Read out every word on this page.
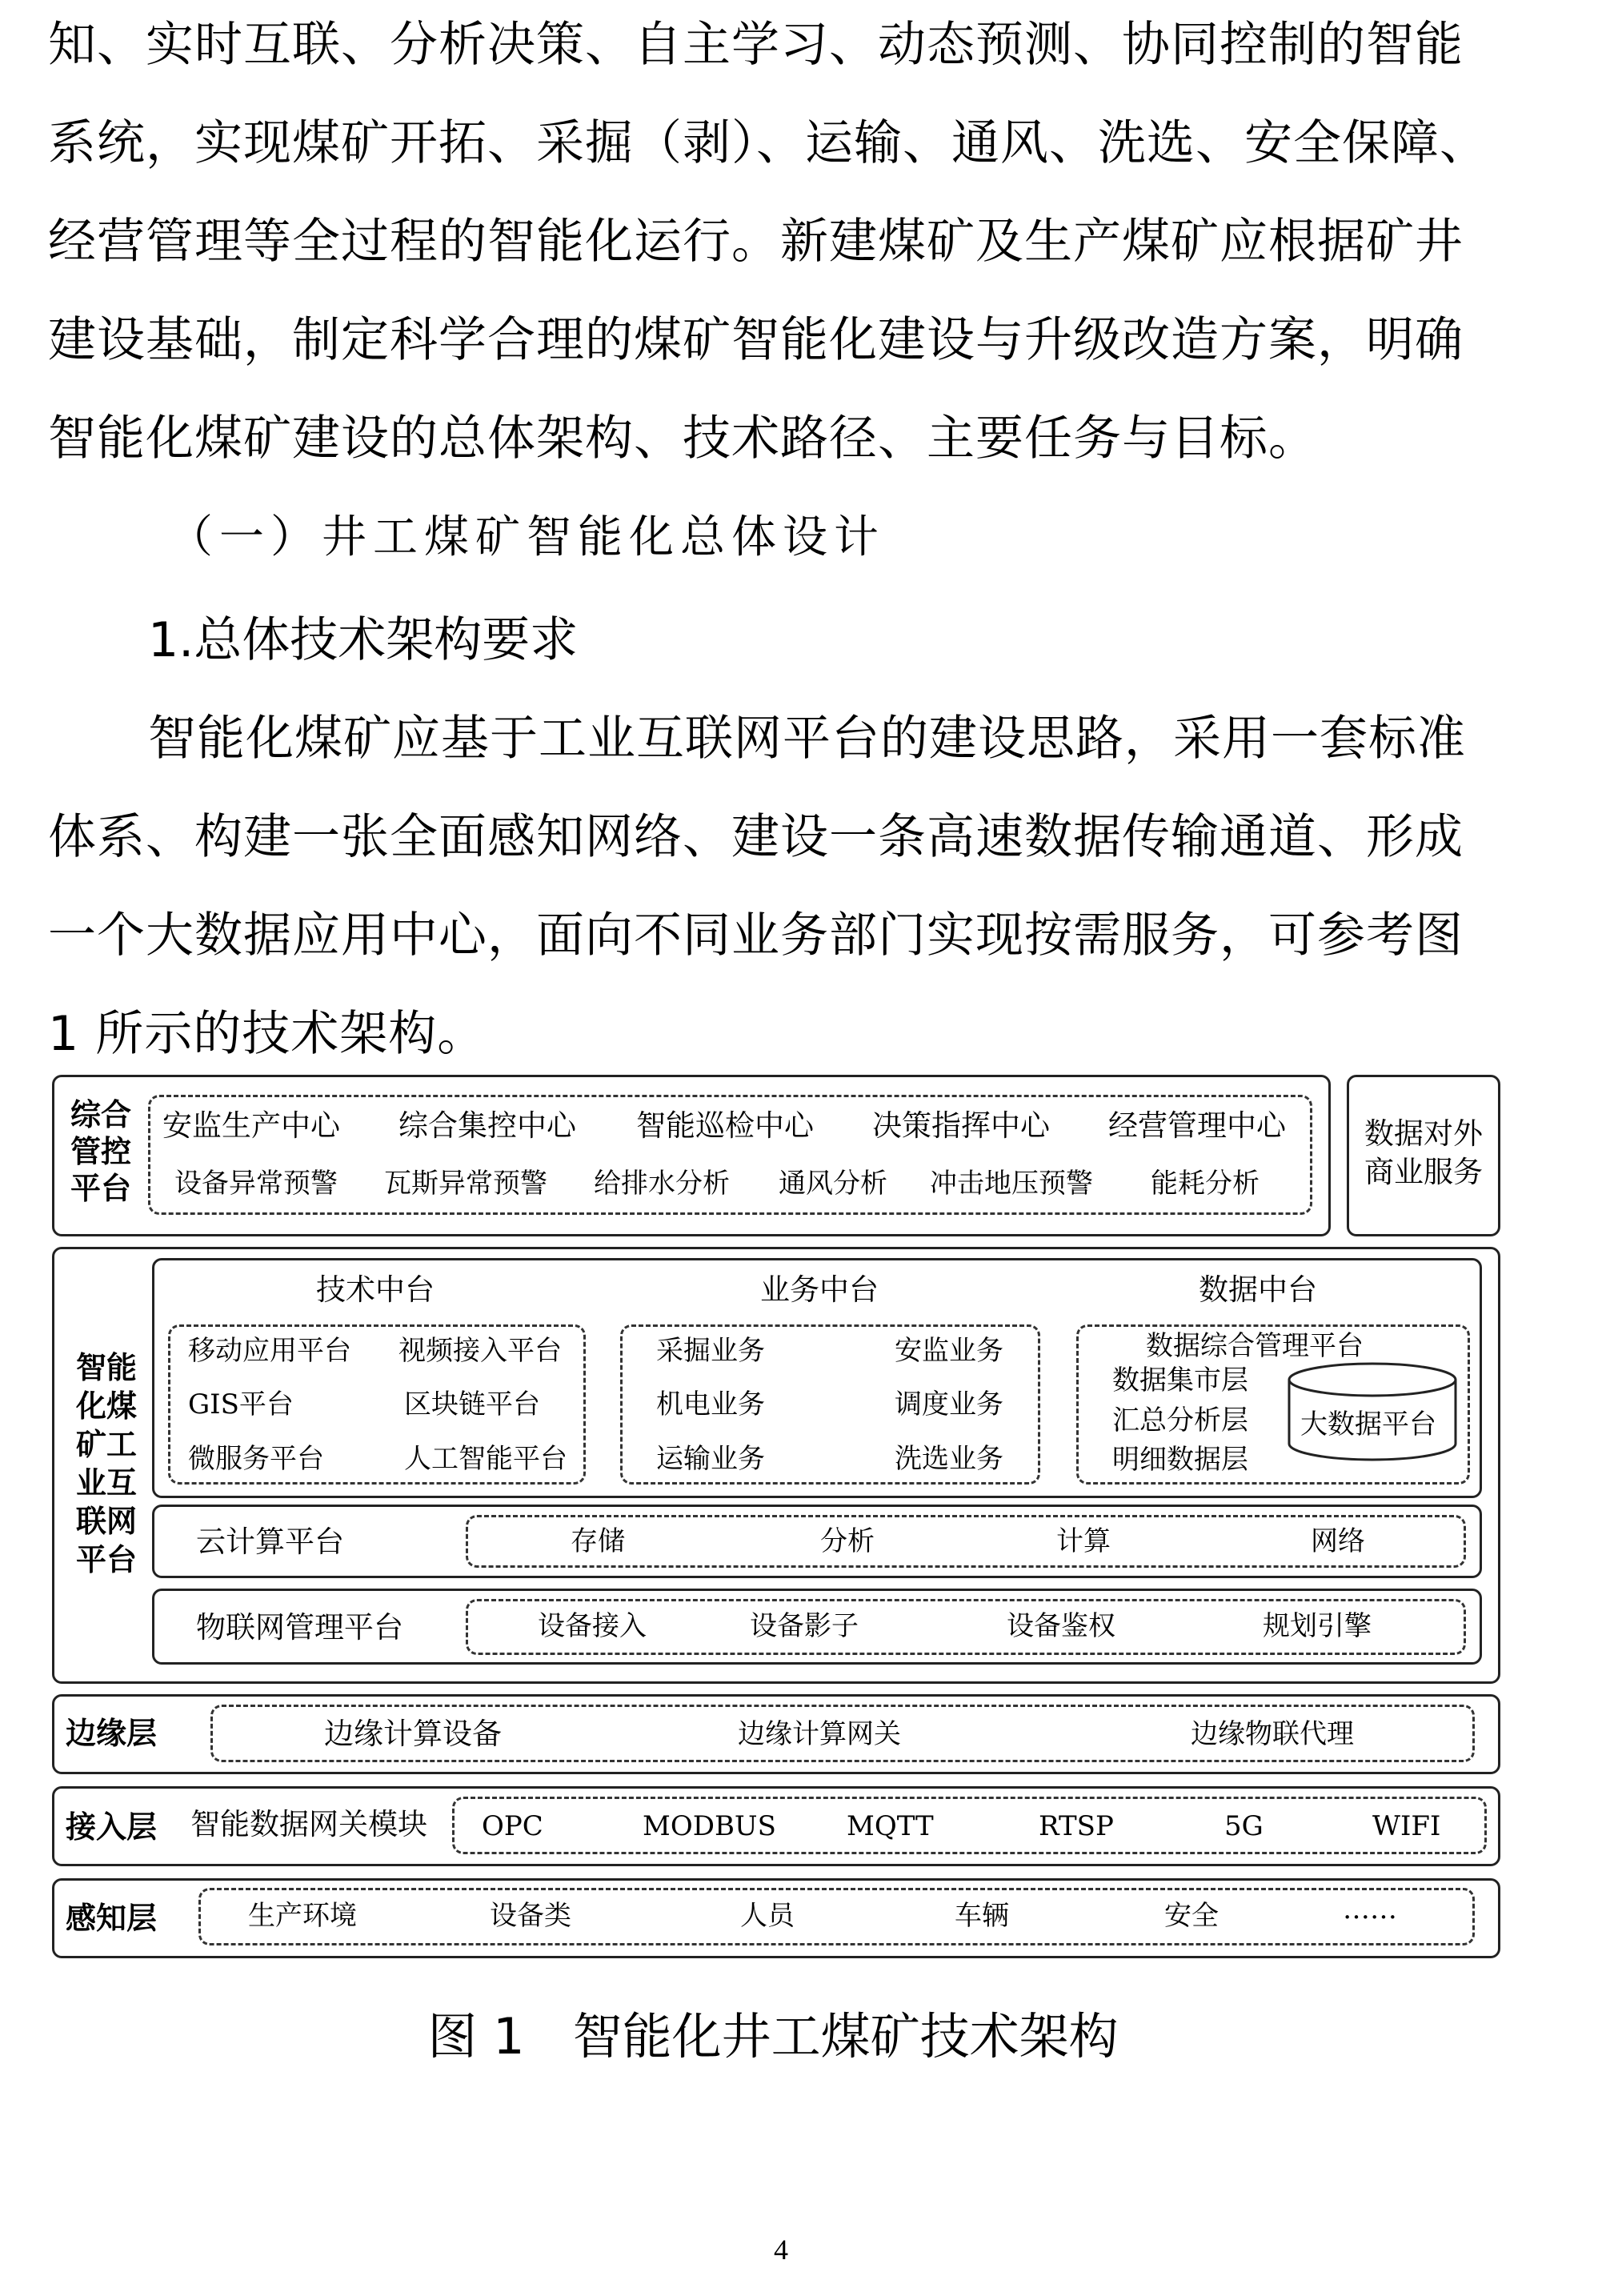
知、实时互联、分析决策、自主学习、动态预测、协同控制的智能
系统，实现煤矿开拓、采掘（剥）、运输、通风、洗选、安全保障、
经营管理等全过程的智能化运行。新建煤矿及生产煤矿应根据矿井
建设基础，制定科学合理的煤矿智能化建设与升级改造方案，明确
智能化煤矿建设的总体架构、技术路径、主要任务与目标。
（一）井工煤矿智能化总体设计
1.总体技术架构要求
智能化煤矿应基于工业互联网平台的建设思路，采用一套标准
体系、构建一张全面感知网络、建设一条高速数据传输通道、形成
一个大数据应用中心，面向不同业务部门实现按需服务，可参考图
1 所示的技术架构。
综合
管控
平台
安监生产中心 综合集控中心 智能巡检中心 决策指挥中心 经营管理中心
设备异常预警 瓦斯异常预警 给排水分析 通风分析 冲击地压预警 能耗分析
数据对外
商业服务
智能
化煤
矿工
业互
联网
平台
技术中台
移动应用平台 视频接入平台
GIS平台	区块链平台
微服务平台	人工智能平台
业务中台
采掘业务	安监业务
机电业务	调度业务
运输业务	洗选业务
数据中台
数据综合管理平台
数据集市层
汇总分析层
明细数据层
大数据平台
云计算平台	存储	分析	计算	网络
物联网管理平台	设备接入	设备影子	设备鉴权	规划引擎
边缘层	边缘计算设备	边缘计算网关	边缘物联代理
接入层 智能数据网关模块 OPC	MODBUS	MQTT	RTSP	5G	WIFI
感知层	生产环境	设备类	人员	车辆	安全	……
图 1 智能化井工煤矿技术架构
4
